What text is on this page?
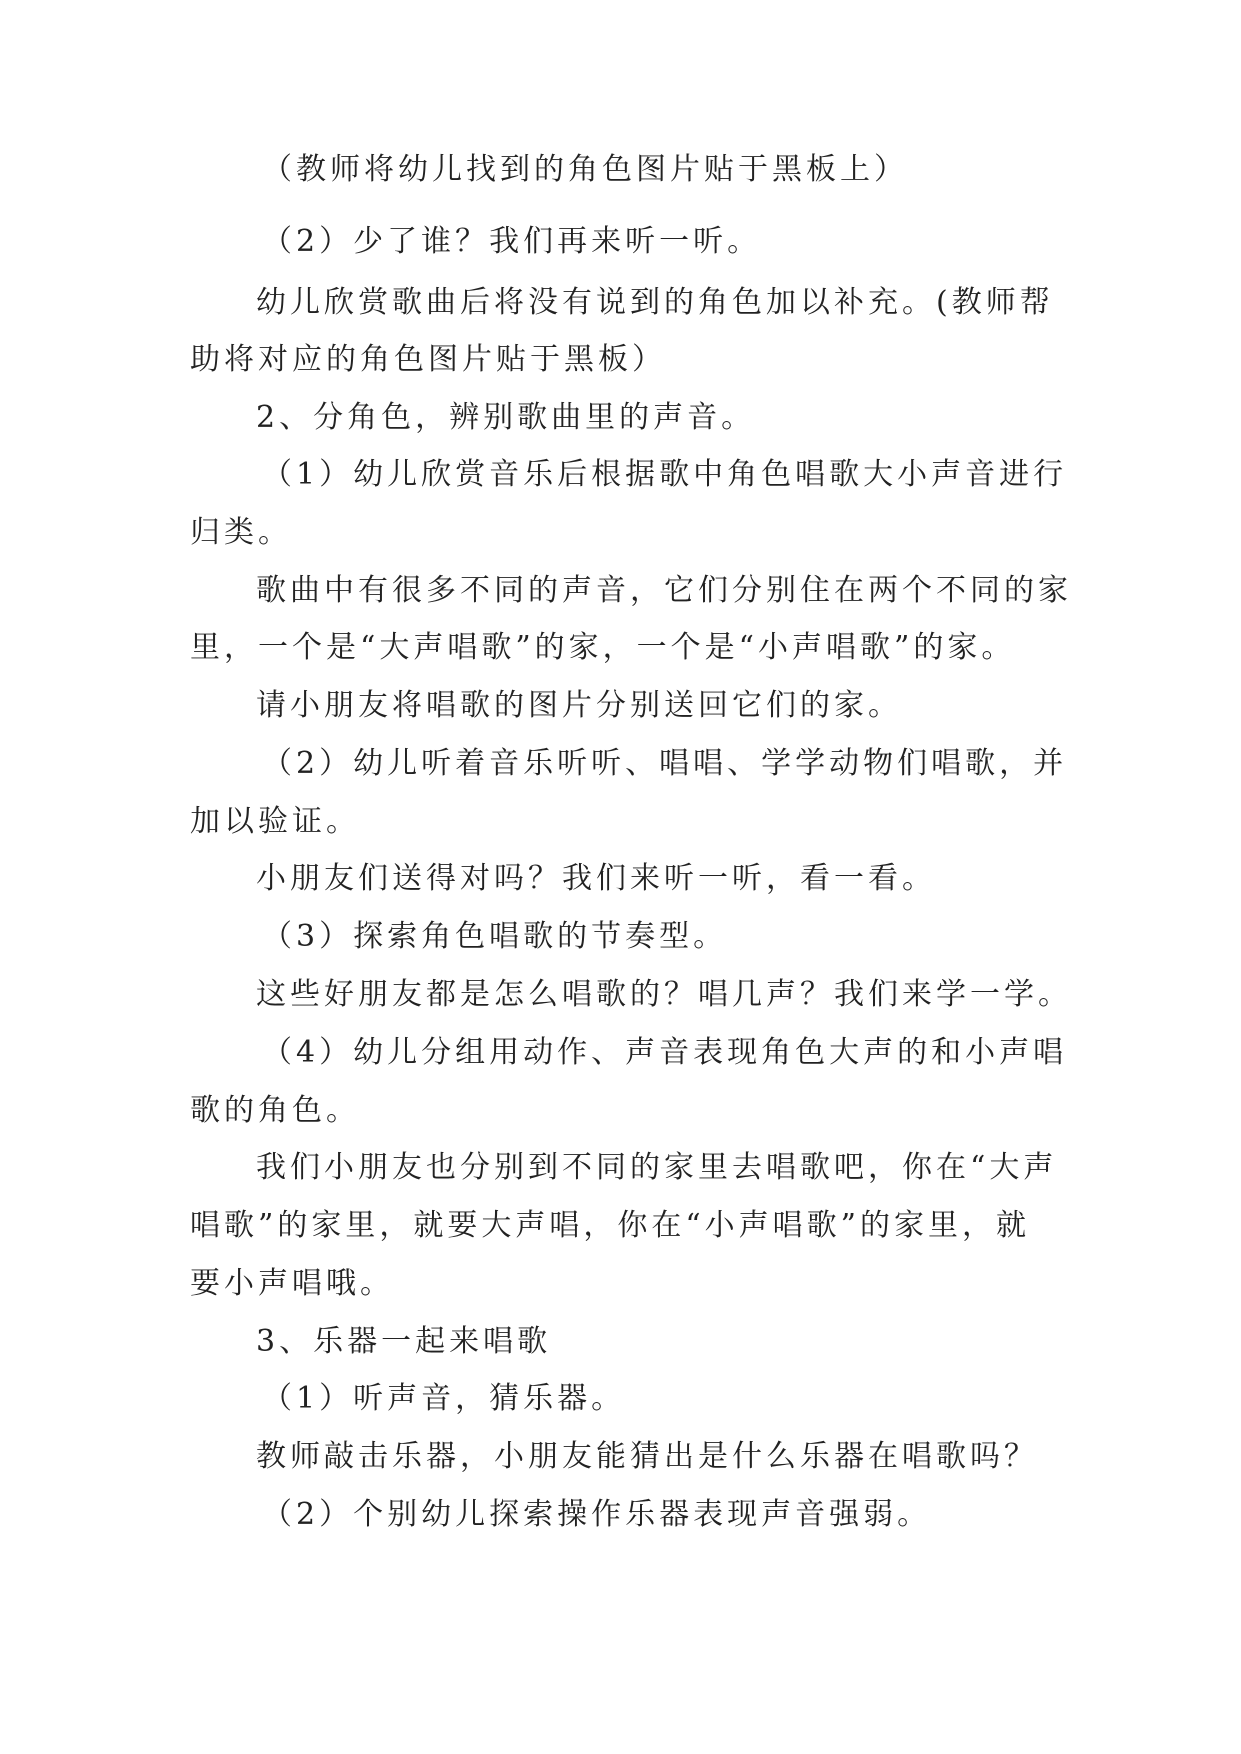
（教师将幼儿找到的角色图片贴于黑板上）
（2）少了谁？我们再来听一听。
幼儿欣赏歌曲后将没有说到的角色加以补充。(教师帮
助将对应的角色图片贴于黑板）
2、分角色，辨别歌曲里的声音。
（1）幼儿欣赏音乐后根据歌中角色唱歌大小声音进行
归类。
歌曲中有很多不同的声音，它们分别住在两个不同的家
里，一个是“大声唱歌”的家，一个是“小声唱歌”的家。
请小朋友将唱歌的图片分别送回它们的家。
（2）幼儿听着音乐听听、唱唱、学学动物们唱歌，并
加以验证。
小朋友们送得对吗？我们来听一听，看一看。
（3）探索角色唱歌的节奏型。
这些好朋友都是怎么唱歌的？唱几声？我们来学一学。
（4）幼儿分组用动作、声音表现角色大声的和小声唱
歌的角色。
我们小朋友也分别到不同的家里去唱歌吧，你在“大声
唱歌”的家里，就要大声唱，你在“小声唱歌”的家里，就
要小声唱哦。
3、乐器一起来唱歌
（1）听声音，猜乐器。
教师敲击乐器，小朋友能猜出是什么乐器在唱歌吗？
（2）个别幼儿探索操作乐器表现声音强弱。
